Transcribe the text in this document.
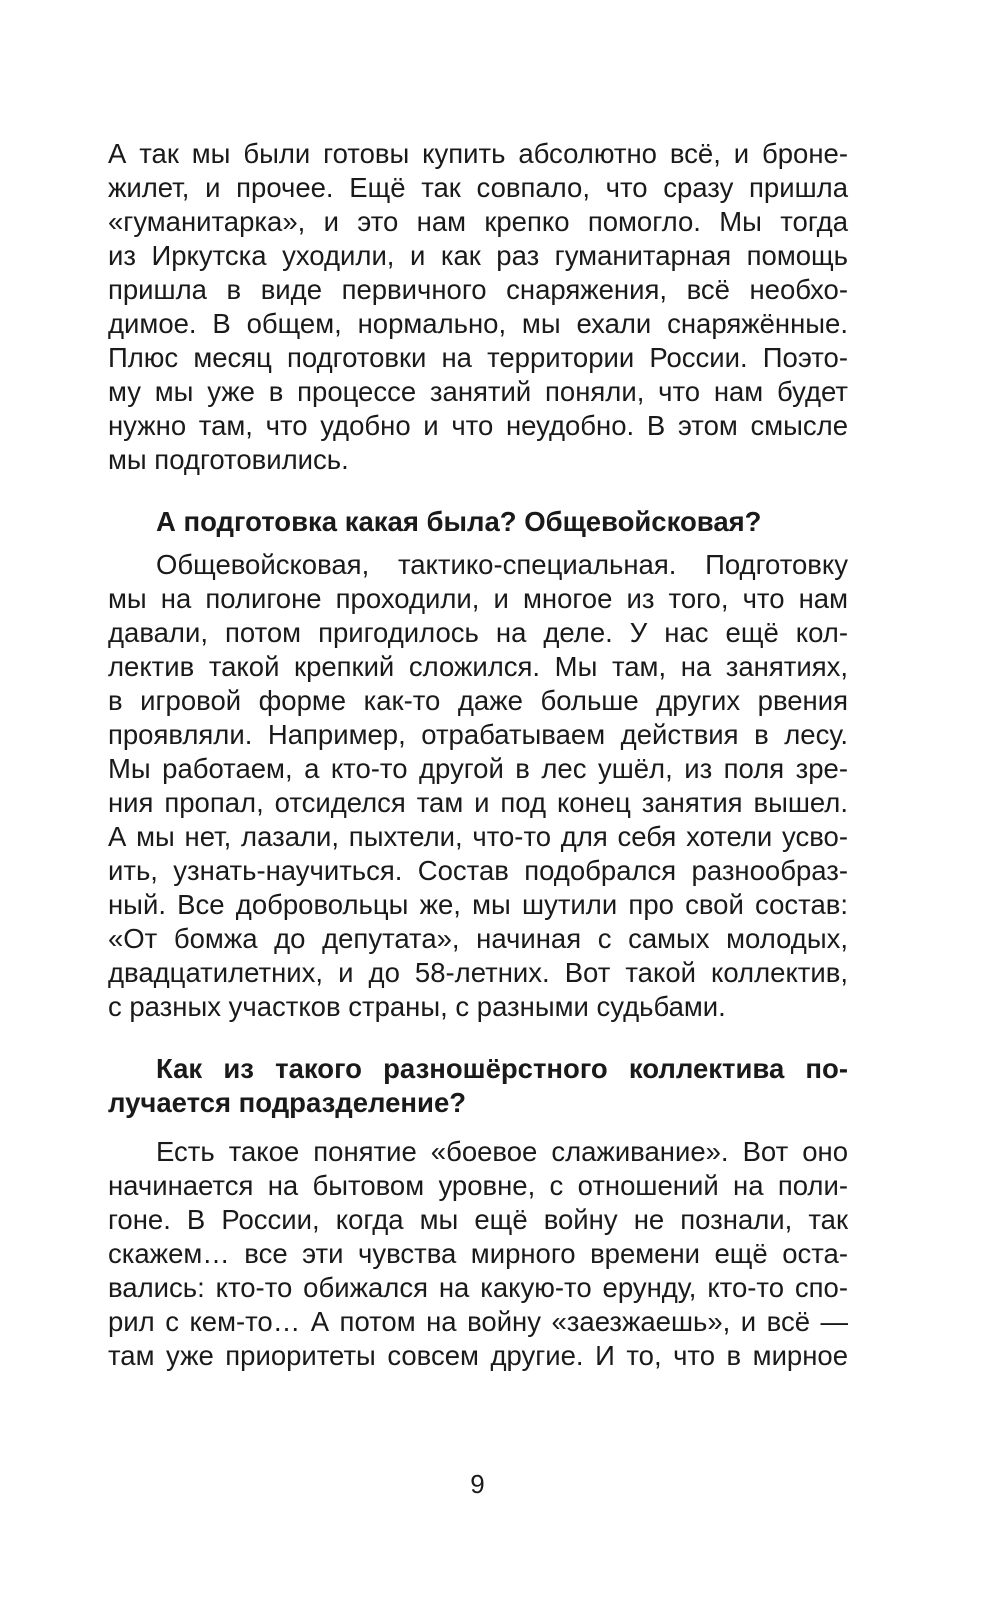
А так мы были готовы купить абсолютно всё, и броне-
жилет, и прочее. Ещё так совпало, что сразу пришла
«гуманитарка», и это нам крепко помогло. Мы тогда
из Иркутска уходили, и как раз гуманитарная помощь
пришла в виде первичного снаряжения, всё необхо-
димое. В общем, нормально, мы ехали снаряжённые.
Плюс месяц подготовки на территории России. Поэто-
му мы уже в процессе занятий поняли, что нам будет
нужно там, что удобно и что неудобно. В этом смысле
мы подготовились.
А подготовка какая была? Общевойсковая?
Общевойсковая, тактико-специальная. Подготовку
мы на полигоне проходили, и многое из того, что нам
давали, потом пригодилось на деле. У нас ещё кол-
лектив такой крепкий сложился. Мы там, на занятиях,
в игровой форме как-то даже больше других рвения
проявляли. Например, отрабатываем действия в лесу.
Мы работаем, а кто-то другой в лес ушёл, из поля зре-
ния пропал, отсиделся там и под конец занятия вышел.
А мы нет, лазали, пыхтели, что-то для себя хотели усво-
ить, узнать-научиться. Состав подобрался разнообраз-
ный. Все добровольцы же, мы шутили про свой состав:
«От бомжа до депутата», начиная с самых молодых,
двадцатилетних, и до 58-летних. Вот такой коллектив,
с разных участков страны, с разными судьбами.
Как из такого разношёрстного коллектива по-
лучается подразделение?
Есть такое понятие «боевое слаживание». Вот оно
начинается на бытовом уровне, с отношений на поли-
гоне. В России, когда мы ещё войну не познали, так
скажем… все эти чувства мирного времени ещё оста-
вались: кто-то обижался на какую-то ерунду, кто-то спо-
рил с кем-то… А потом на войну «заезжаешь», и всё —
там уже приоритеты совсем другие. И то, что в мирное
9
